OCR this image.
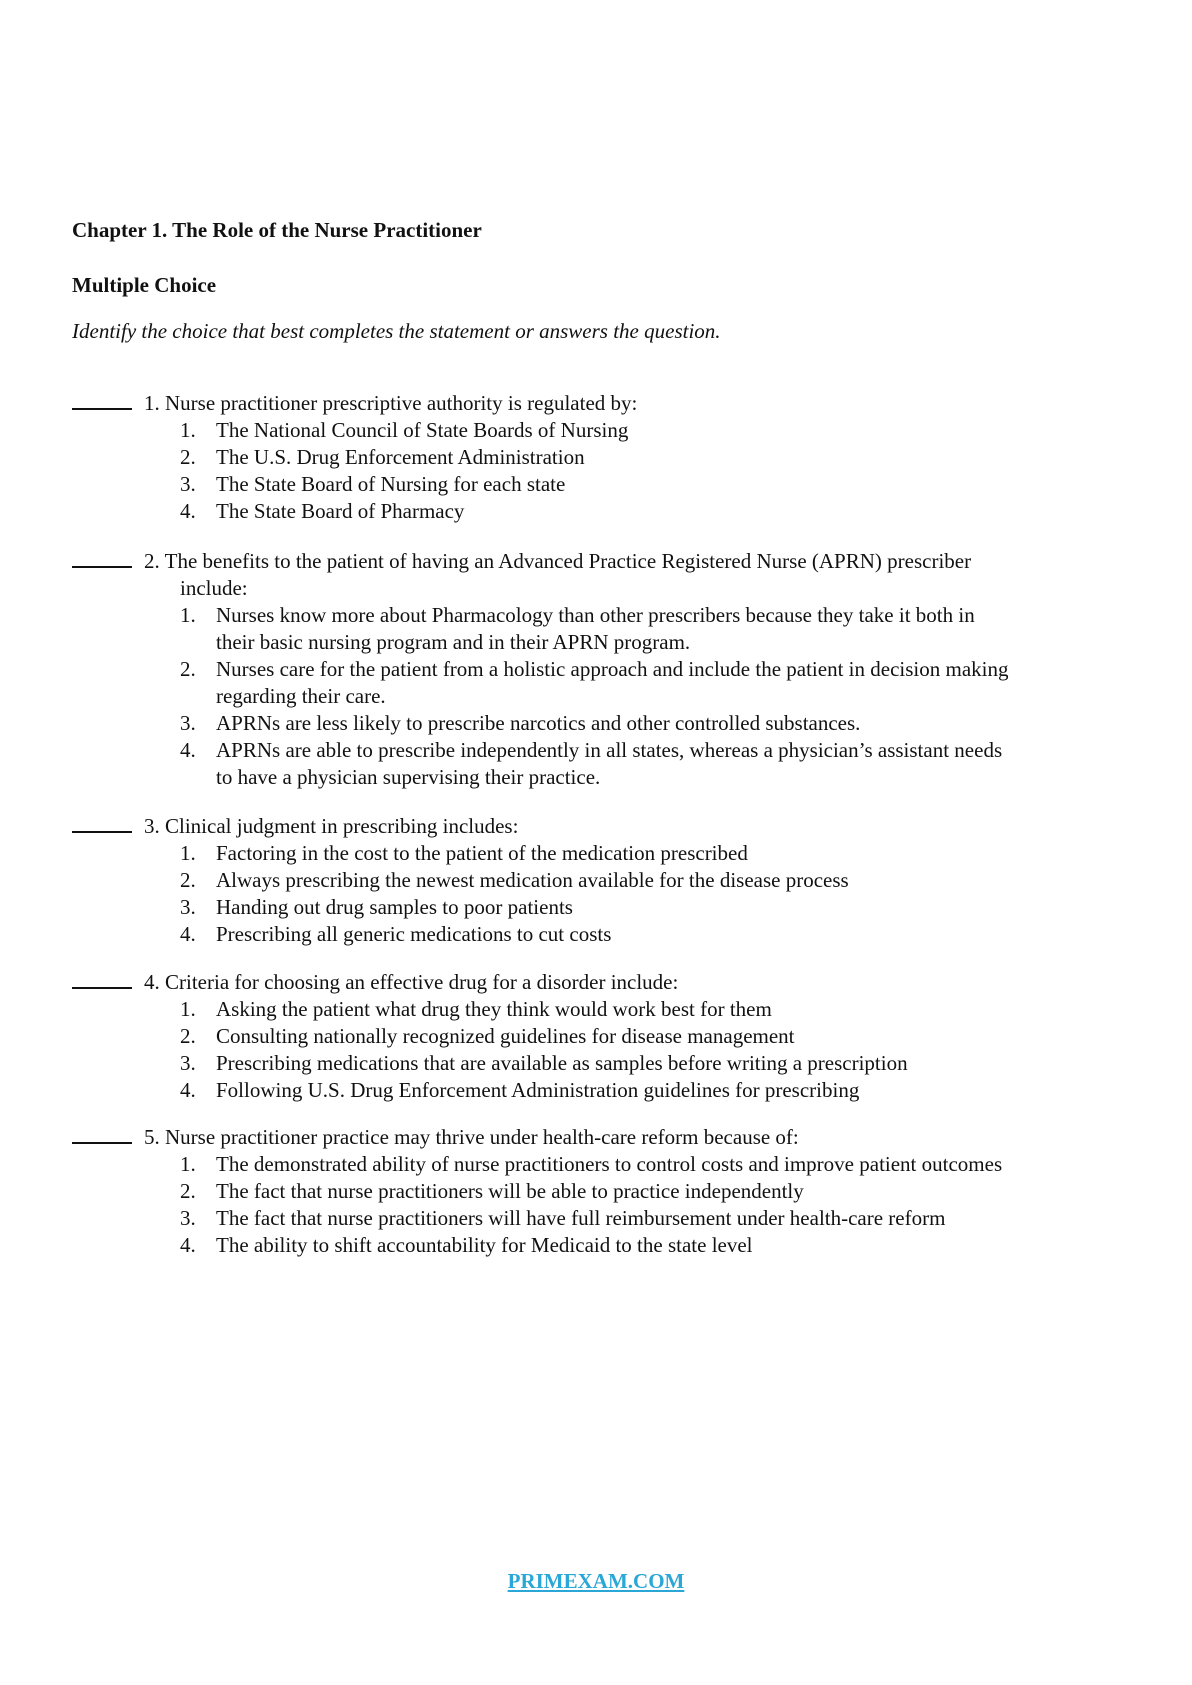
Chapter 1. The Role of the Nurse Practitioner
Multiple Choice

Identify the choice that best completes the statement or answers the question.

1. Nurse practitioner prescriptive authority is regulated by:
1. The National Council of State Boards of Nursing
2. The U.S. Drug Enforcement Administration
3. The State Board of Nursing for each state
4. The State Board of Pharmacy
2. The benefits to the patient of having an Advanced Practice Registered Nurse (APRN) prescriber
include:
1. Nurses know more about Pharmacology than other prescribers because they take it both in their basic nursing program and in their APRN program.
2. Nurses care for the patient from a holistic approach and include the patient in decision making regarding their care.
3. APRNs are less likely to prescribe narcotics and other controlled substances.
4. APRNs are able to prescribe independently in all states, whereas a physician’s assistant needs to have a physician supervising their practice.
3. Clinical judgment in prescribing includes:
1. Factoring in the cost to the patient of the medication prescribed
2. Always prescribing the newest medication available for the disease process
3. Handing out drug samples to poor patients
4. Prescribing all generic medications to cut costs
4. Criteria for choosing an effective drug for a disorder include:
1. Asking the patient what drug they think would work best for them
2. Consulting nationally recognized guidelines for disease management
3. Prescribing medications that are available as samples before writing a prescription
4. Following U.S. Drug Enforcement Administration guidelines for prescribing
5. Nurse practitioner practice may thrive under health-care reform because of:
1. The demonstrated ability of nurse practitioners to control costs and improve patient outcomes
2. The fact that nurse practitioners will be able to practice independently
3. The fact that nurse practitioners will have full reimbursement under health-care reform
4. The ability to shift accountability for Medicaid to the state level
PRIMEXAM.COM
